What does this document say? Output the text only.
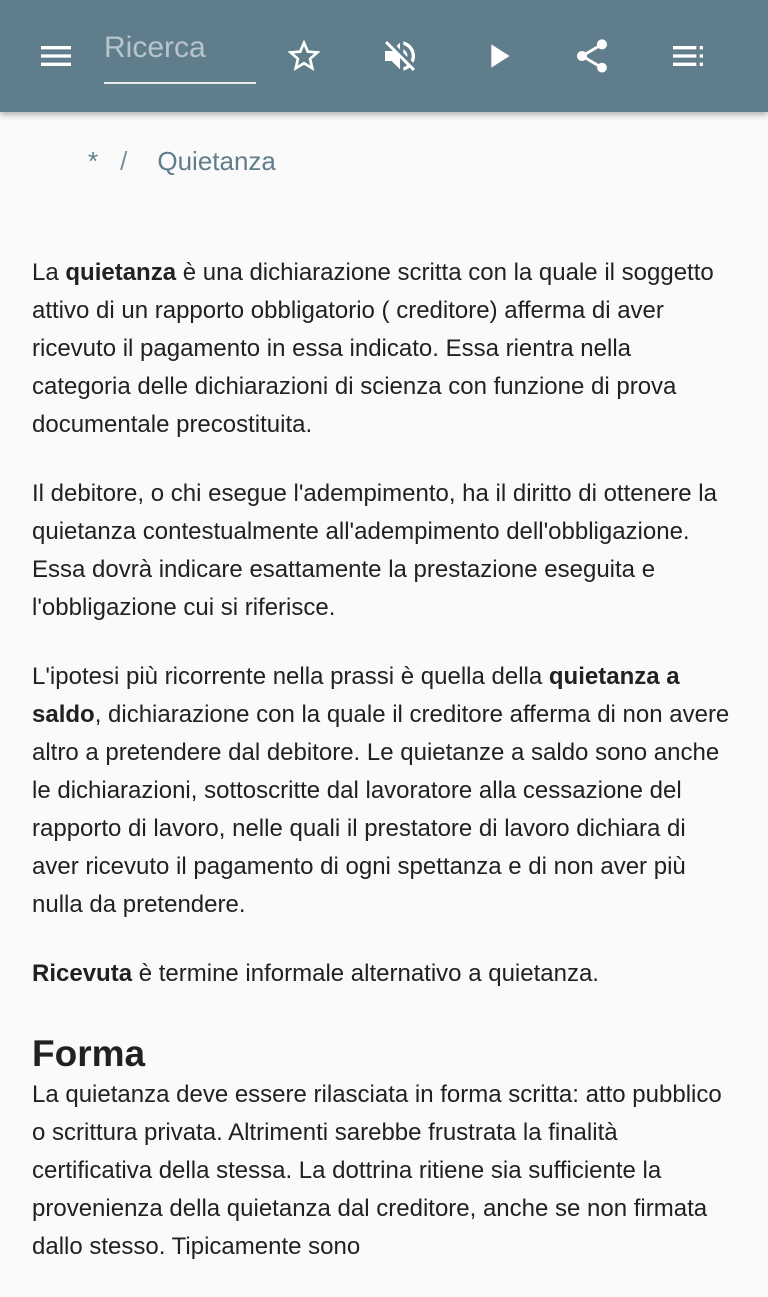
Ricerca
* / Quietanza

La quietanza è una dichiarazione scritta con la quale il soggetto attivo di un rapporto obbligatorio ( creditore) afferma di aver ricevuto il pagamento in essa indicato. Essa rientra nella categoria delle dichiarazioni di scienza con funzione di prova documentale precostituita.

Il debitore, o chi esegue l'adempimento, ha il diritto di ottenere la quietanza contestualmente all'adempimento dell'obbligazione. Essa dovrà indicare esattamente la prestazione eseguita e l'obbligazione cui si riferisce.

L'ipotesi più ricorrente nella prassi è quella della quietanza a saldo, dichiarazione con la quale il creditore afferma di non avere altro a pretendere dal debitore. Le quietanze a saldo sono anche le dichiarazioni, sottoscritte dal lavoratore alla cessazione del rapporto di lavoro, nelle quali il prestatore di lavoro dichiara di aver ricevuto il pagamento di ogni spettanza e di non aver più nulla da pretendere.

Ricevuta è termine informale alternativo a quietanza.

Forma

La quietanza deve essere rilasciata in forma scritta: atto pubblico o scrittura privata. Altrimenti sarebbe frustrata la finalità certificativa della stessa. La dottrina ritiene sia sufficiente la provenienza della quietanza dal creditore, anche se non firmata dallo stesso. Tipicamente sono
